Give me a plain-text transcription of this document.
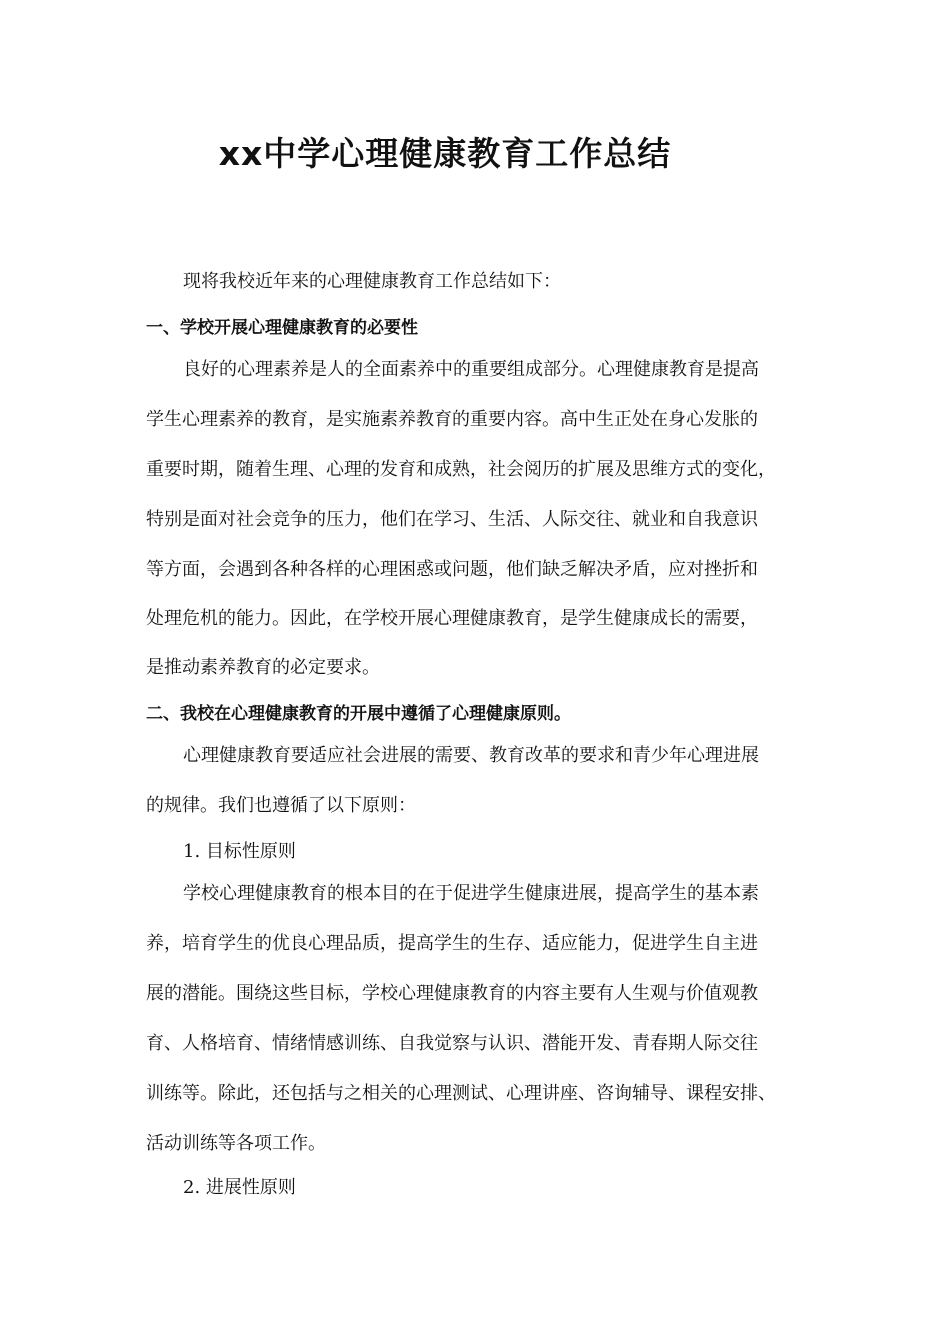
xx中学心理健康教育工作总结
现将我校近年来的心理健康教育工作总结如下：
一、学校开展心理健康教育的必要性
良好的心理素养是人的全面素养中的重要组成部分。心理健康教育是提高
学生心理素养的教育，是实施素养教育的重要内容。高中生正处在身心发胀的
重要时期，随着生理、心理的发育和成熟，社会阅历的扩展及思维方式的变化，
特别是面对社会竞争的压力，他们在学习、生活、人际交往、就业和自我意识
等方面，会遇到各种各样的心理困惑或问题，他们缺乏解决矛盾，应对挫折和
处理危机的能力。因此，在学校开展心理健康教育，是学生健康成长的需要，
是推动素养教育的必定要求。
二、我校在心理健康教育的开展中遵循了心理健康原则。
心理健康教育要适应社会进展的需要、教育改革的要求和青少年心理进展
的规律。我们也遵循了以下原则：
1. 目标性原则
学校心理健康教育的根本目的在于促进学生健康进展，提高学生的基本素
养，培育学生的优良心理品质，提高学生的生存、适应能力，促进学生自主进
展的潜能。围绕这些目标，学校心理健康教育的内容主要有人生观与价值观教
育、人格培育、情绪情感训练、自我觉察与认识、潜能开发、青春期人际交往
训练等。除此，还包括与之相关的心理测试、心理讲座、咨询辅导、课程安排、
活动训练等各项工作。
2. 进展性原则
